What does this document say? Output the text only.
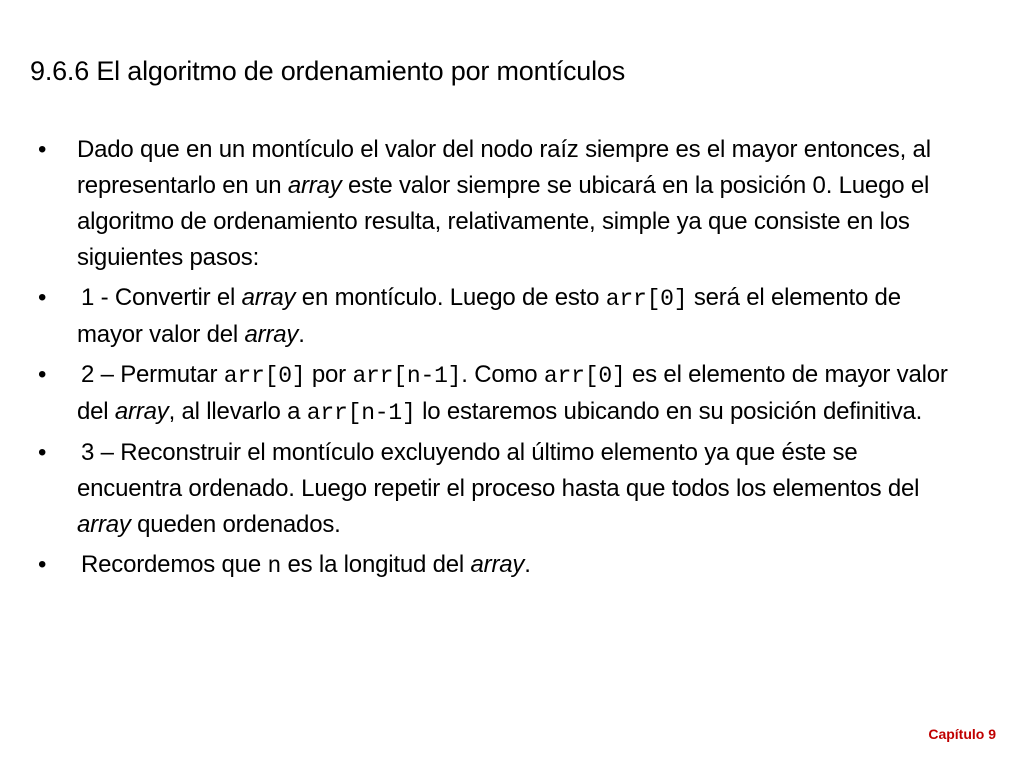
9.6.6 El algoritmo de ordenamiento por montículos
• Dado que en un montículo el valor del nodo raíz siempre es el mayor entonces, al representarlo en un array este valor siempre se ubicará en la posición 0. Luego el algoritmo de ordenamiento resulta, relativamente, simple ya que consiste en los siguientes pasos:
• 1 - Convertir el array en montículo. Luego de esto arr[0] será el elemento de mayor valor del array.
• 2 – Permutar arr[0] por arr[n-1]. Como arr[0] es el elemento de mayor valor del array, al llevarlo a arr[n-1] lo estaremos ubicando en su posición definitiva.
• 3 – Reconstruir el montículo excluyendo al último elemento ya que éste se encuentra ordenado. Luego repetir el proceso hasta que todos los elementos del array queden ordenados.
• Recordemos que n es la longitud del array.
Capítulo 9
